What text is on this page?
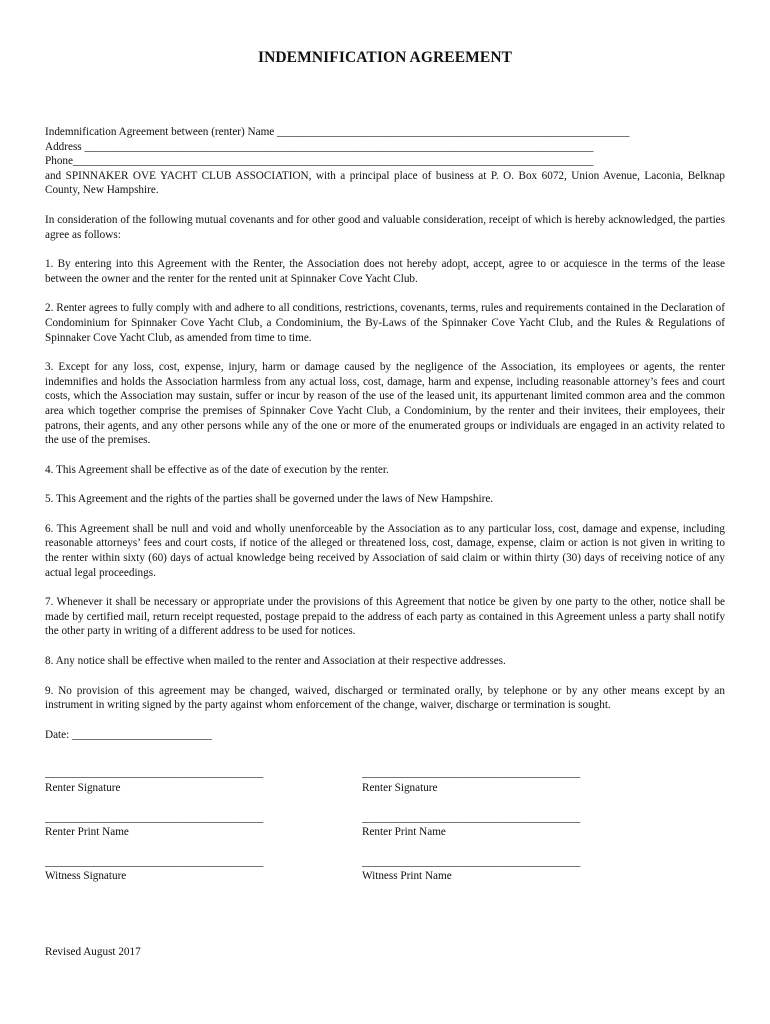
INDEMNIFICATION AGREEMENT
Indemnification Agreement between (renter) Name _______________________________________________________________
Address ___________________________________________________________________________________________
Phone_____________________________________________________________________________________________
and SPINNAKER OVE YACHT CLUB ASSOCIATION, with a principal place of business at P. O. Box 6072, Union Avenue, Laconia, Belknap County, New Hampshire.
In consideration of the following mutual covenants and for other good and valuable consideration, receipt of which is hereby acknowledged, the parties agree as follows:
1. By entering into this Agreement with the Renter, the Association does not hereby adopt, accept, agree to or acquiesce in the terms of the lease between the owner and the renter for the rented unit at Spinnaker Cove Yacht Club.
2. Renter agrees to fully comply with and adhere to all conditions, restrictions, covenants, terms, rules and requirements contained in the Declaration of Condominium for Spinnaker Cove Yacht Club, a Condominium, the By-Laws of the Spinnaker Cove Yacht Club, and the Rules & Regulations of Spinnaker Cove Yacht Club, as amended from time to time.
3. Except for any loss, cost, expense, injury, harm or damage caused by the negligence of the Association, its employees or agents, the renter indemnifies and holds the Association harmless from any actual loss, cost, damage, harm and expense, including reasonable attorney’s fees and court costs, which the Association may sustain, suffer or incur by reason of the use of the leased unit, its appurtenant limited common area and the common area which together comprise the premises of Spinnaker Cove Yacht Club, a Condominium, by the renter and their invitees, their employees, their patrons, their agents, and any other persons while any of the one or more of the enumerated groups or individuals are engaged in an activity related to the use of the premises.
4. This Agreement shall be effective as of the date of execution by the renter.
5. This Agreement and the rights of the parties shall be governed under the laws of New Hampshire.
6. This Agreement shall be null and void and wholly unenforceable by the Association as to any particular loss, cost, damage and expense, including reasonable attorneys’ fees and court costs, if notice of the alleged or threatened loss, cost, damage, expense, claim or action is not given in writing to the renter within sixty (60) days of actual knowledge being received by Association of said claim or within thirty (30) days of receiving notice of any actual legal proceedings.
7. Whenever it shall be necessary or appropriate under the provisions of this Agreement that notice be given by one party to the other, notice shall be made by certified mail, return receipt requested, postage prepaid to the address of each party as contained in this Agreement unless a party shall notify the other party in writing of a different address to be used for notices.
8. Any notice shall be effective when mailed to the renter and Association at their respective addresses.
9. No provision of this agreement may be changed, waived, discharged or terminated orally, by telephone or by any other means except by an instrument in writing signed by the party against whom enforcement of the change, waiver, discharge or termination is sought.
Date: _________________________
_______________________________________
Renter Signature
_______________________________________
Renter Signature
_______________________________________
Renter Print Name
_______________________________________
Renter Print Name
_______________________________________
Witness Signature
_______________________________________
Witness Print Name
Revised August 2017
